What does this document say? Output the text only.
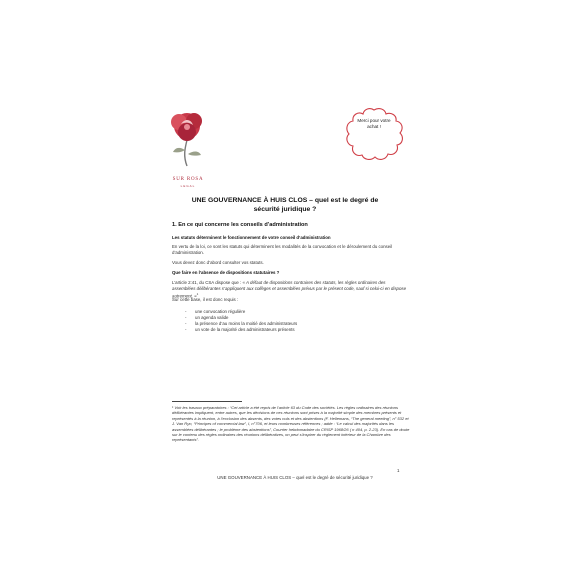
SUR ROSA
LEGAL
Merci pour votre achat !
UNE GOUVERNANCE À HUIS CLOS – quel est le degré de sécurité juridique ?
1. En ce qui concerne les conseils d’administration
Les statuts déterminent le fonctionnement de votre conseil d’administration
En vertu de la loi, ce sont les statuts qui déterminent les modalités de la convocation et le déroulement du conseil d’administration.
Vous devez donc d’abord consulter vos statuts.
Que faire en l’absence de dispositions statutaires ?
L’article 2:41, du CSA dispose que : « A défaut de dispositions contraires des statuts, les règles ordinaires des assemblées délibérantes s’appliquent aux collèges et assemblées prévus par le présent code, sauf si celui-ci en dispose autrement. »$^1$
Sur cette base, il est donc requis :
- une convocation régulière
- un agenda valide
- la présence d’au moins la moitié des administrateurs
- un vote de la majorité des administrateurs présents
¹ Voir les travaux préparatoires : “Cet article a été repris de l’article 63 du Code des sociétés. Les règles ordinaires des réunions délibérantes impliquent, entre autres, que les décisions de ces réunions sont prises à la majorité simple des membres présents et représentés à la réunion, à l’exclusion des absents, des votes nuls et des abstentions (F. Hellemans, “The general meeting”, n° 532 et J. Van Ryn, “Principes of commercial law”, I, n°706, et leurs nombreuses références ; adde : “Le calcul des majorités dans les assemblées délibérantes ; le problème des abstentions”, Courrier hebdomadaire du CRISP 1968/26 ( n 404, p. 2-23). En cas de doute sur le contenu des règles ordinaires des réunions délibératives, on peut s’inspirer du règlement intérieur de la Chambre des représentants”.
1
UNE GOUVERNANCE À HUIS CLOS – quel est le degré de sécurité juridique ?
